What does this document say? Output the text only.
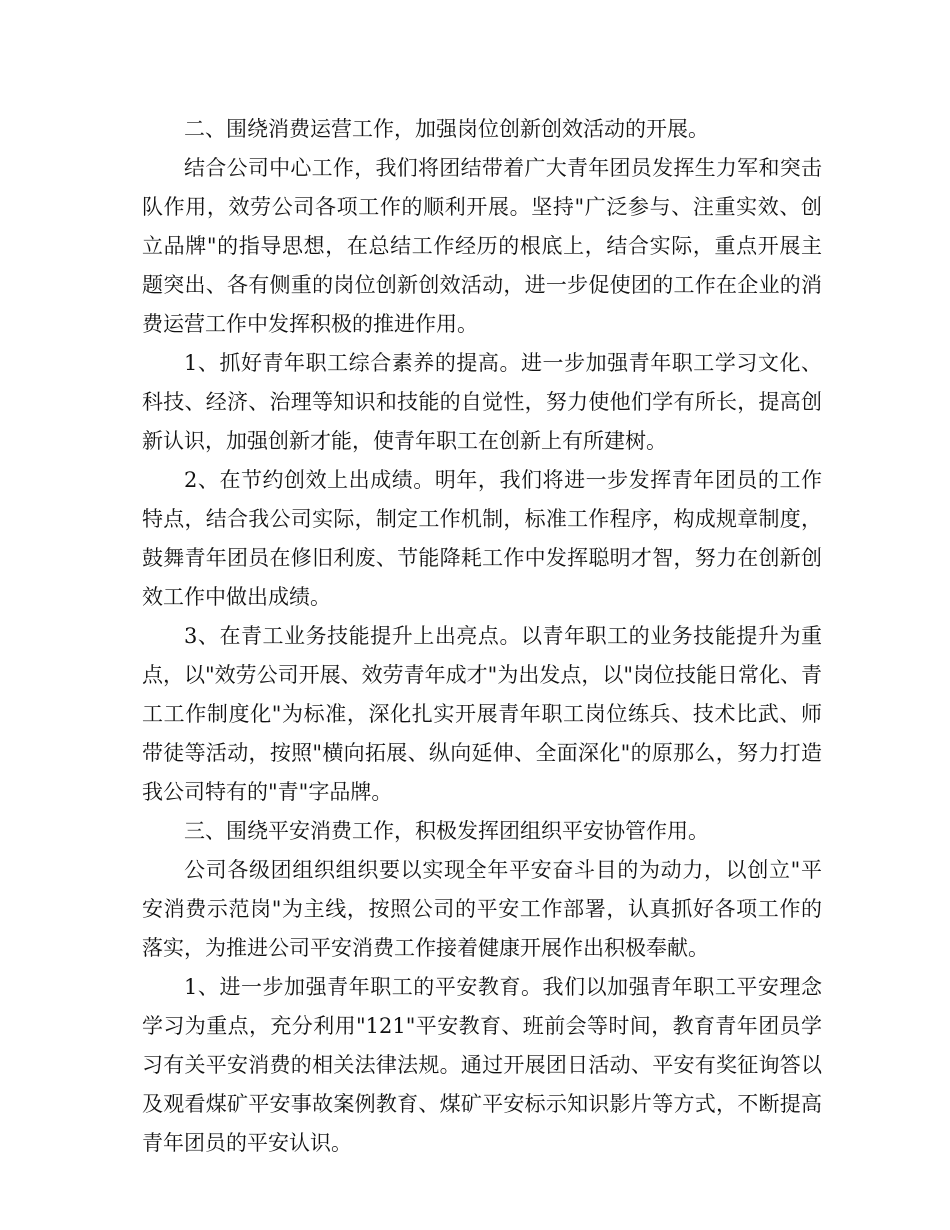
二、围绕消费运营工作，加强岗位创新创效活动的开展。

结合公司中心工作，我们将团结带着广大青年团员发挥生力军和突击队作用，效劳公司各项工作的顺利开展。坚持"广泛参与、注重实效、创立品牌"的指导思想，在总结工作经历的根底上，结合实际，重点开展主题突出、各有侧重的岗位创新创效活动，进一步促使团的工作在企业的消费运营工作中发挥积极的推进作用。

1、抓好青年职工综合素养的提高。进一步加强青年职工学习文化、科技、经济、治理等知识和技能的自觉性，努力使他们学有所长，提高创新认识，加强创新才能，使青年职工在创新上有所建树。

2、在节约创效上出成绩。明年，我们将进一步发挥青年团员的工作特点，结合我公司实际，制定工作机制，标准工作程序，构成规章制度，鼓舞青年团员在修旧利废、节能降耗工作中发挥聪明才智，努力在创新创效工作中做出成绩。

3、在青工业务技能提升上出亮点。以青年职工的业务技能提升为重点，以"效劳公司开展、效劳青年成才"为出发点，以"岗位技能日常化、青工工作制度化"为标准，深化扎实开展青年职工岗位练兵、技术比武、师带徒等活动，按照"横向拓展、纵向延伸、全面深化"的原那么，努力打造我公司特有的"青"字品牌。

三、围绕平安消费工作，积极发挥团组织平安协管作用。

公司各级团组织组织要以实现全年平安奋斗目的为动力，以创立"平安消费示范岗"为主线，按照公司的平安工作部署，认真抓好各项工作的落实，为推进公司平安消费工作接着健康开展作出积极奉献。

1、进一步加强青年职工的平安教育。我们以加强青年职工平安理念学习为重点，充分利用"121"平安教育、班前会等时间，教育青年团员学习有关平安消费的相关法律法规。通过开展团日活动、平安有奖征询答以及观看煤矿平安事故案例教育、煤矿平安标示知识影片等方式，不断提高青年团员的平安认识。
